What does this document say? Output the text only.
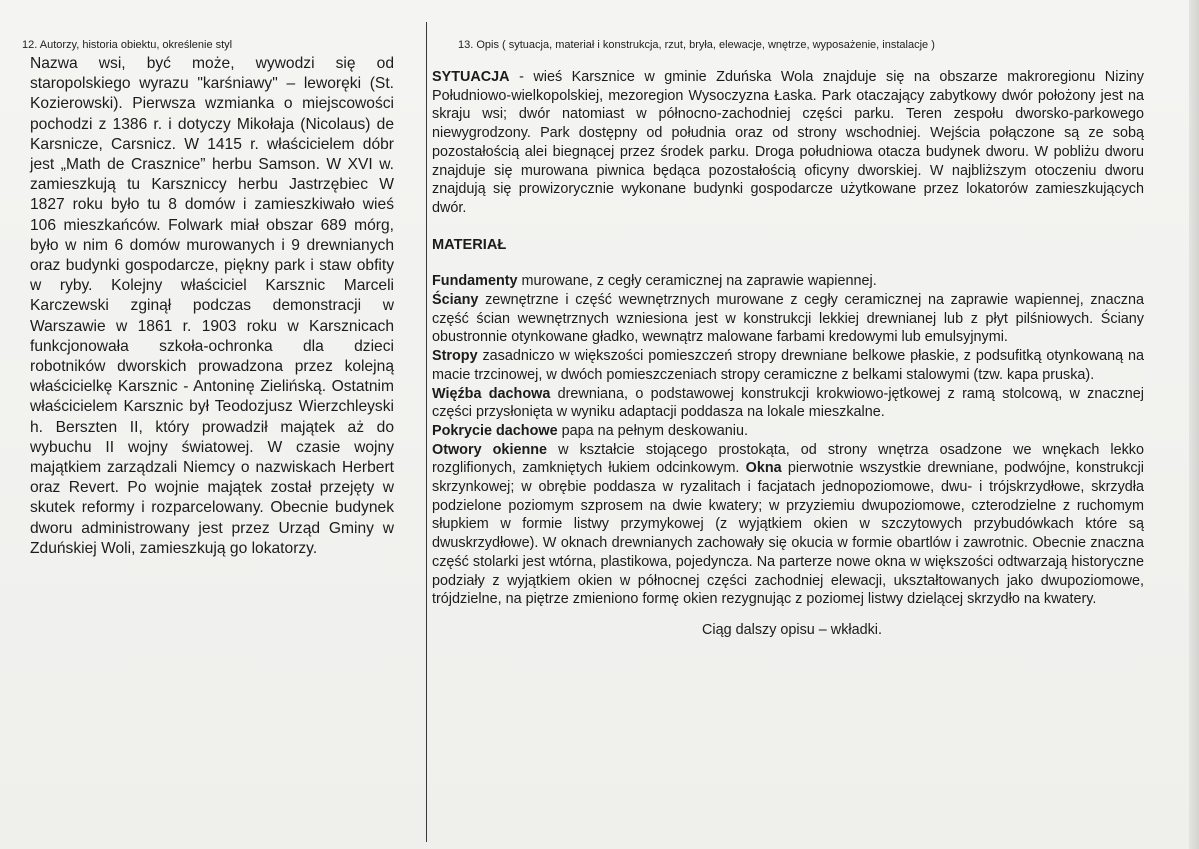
12. Autorzy, historia obiektu, określenie styl

Nazwa wsi, być może, wywodzi się od staropolskiego wyrazu "karśniawy" – leworęki (St. Kozierowski). Pierwsza wzmianka o miejscowości pochodzi z 1386 r. i dotyczy Mikołaja (Nicolaus) de Karsnicze, Carsnicz. W 1415 r. właścicielem dóbr jest „Math de Crasznice” herbu Samson. W XVI w. zamieszkują tu Karszniccy herbu Jastrzębiec W 1827 roku było tu 8 domów i zamieszkiwało wieś 106 mieszkańców. Folwark miał obszar 689 mórg, było w nim 6 domów murowanych i 9 drewnianych oraz budynki gospodarcze, piękny park i staw obfity w ryby. Kolejny właściciel Karsznic Marceli Karczewski zginął podczas demonstracji w Warszawie w 1861 r. 1903 roku w Karsznicach funkcjonowała szkoła-ochronka dla dzieci robotników dworskich prowadzona przez kolejną właścicielkę Karsznic - Antoninę Zielińską. Ostatnim właścicielem Karsznic był Teodozjusz Wierzchleyski h. Berszten II, który prowadził majątek aż do wybuchu II wojny światowej. W czasie wojny majątkiem zarządzali Niemcy o nazwiskach Herbert oraz Revert. Po wojnie majątek został przejęty w skutek reformy i rozparcelowany. Obecnie budynek dworu administrowany jest przez Urząd Gminy w Zduńskiej Woli, zamieszkują go lokatorzy.

13. Opis ( sytuacja, materiał i konstrukcja, rzut, bryła, elewacje, wnętrze, wyposażenie, instalacje )

SYTUACJA - wieś Karsznice w gminie Zduńska Wola znajduje się na obszarze makroregionu Niziny Południowo-wielkopolskiej, mezoregion Wysoczyzna Łaska. Park otaczający zabytkowy dwór położony jest na skraju wsi; dwór natomiast w północno-zachodniej części parku. Teren zespołu dworsko-parkowego niewygrodzony. Park dostępny od południa oraz od strony wschodniej. Wejścia połączone są ze sobą pozostałością alei biegnącej przez środek parku. Droga południowa otacza budynek dworu. W pobliżu dworu znajduje się murowana piwnica będąca pozostałością oficyny dworskiej. W najbliższym otoczeniu dworu znajdują się prowizorycznie wykonane budynki gospodarcze użytkowane przez lokatorów zamieszkujących dwór.

MATERIAŁ

Fundamenty murowane, z cegły ceramicznej na zaprawie wapiennej.

Ściany zewnętrzne i część wewnętrznych murowane z cegły ceramicznej na zaprawie wapiennej, znaczna część ścian wewnętrznych wzniesiona jest w konstrukcji lekkiej drewnianej lub z płyt pilśniowych. Ściany obustronnie otynkowane gładko, wewnątrz malowane farbami kredowymi lub emulsyjnymi.

Stropy zasadniczo w większości pomieszczeń stropy drewniane belkowe płaskie, z podsufitką otynkowaną na macie trzcinowej, w dwóch pomieszczeniach stropy ceramiczne z belkami stalowymi (tzw. kapa pruska).

Więźba dachowa drewniana, o podstawowej konstrukcji krokwiowo-jętkowej z ramą stolcową, w znacznej części przysłonięta w wyniku adaptacji poddasza na lokale mieszkalne.

Pokrycie dachowe papa na pełnym deskowaniu.

Otwory okienne w kształcie stojącego prostokąta, od strony wnętrza osadzone we wnękach lekko rozglifionych, zamkniętych łukiem odcinkowym. Okna pierwotnie wszystkie drewniane, podwójne, konstrukcji skrzynkowej; w obrębie poddasza w ryzalitach i facjatach jednopoziomowe, dwu- i trójskrzydłowe, skrzydła podzielone poziomym szprosem na dwie kwatery; w przyziemiu dwupoziomowe, czterodzielne z ruchomym słupkiem w formie listwy przymykowej (z wyjątkiem okien w szczytowych przybudówkach które są dwuskrzydłowe). W oknach drewnianych zachowały się okucia w formie obartlów i zawrotnic. Obecnie znaczna część stolarki jest wtórna, plastikowa, pojedyncza. Na parterze nowe okna w większości odtwarzają historyczne podziały z wyjątkiem okien w północnej części zachodniej elewacji, ukształtowanych jako dwupoziomowe, trójdzielne, na piętrze zmieniono formę okien rezygnując z poziomej listwy dzielącej skrzydło na kwatery.

Ciąg dalszy opisu – wkładki.
